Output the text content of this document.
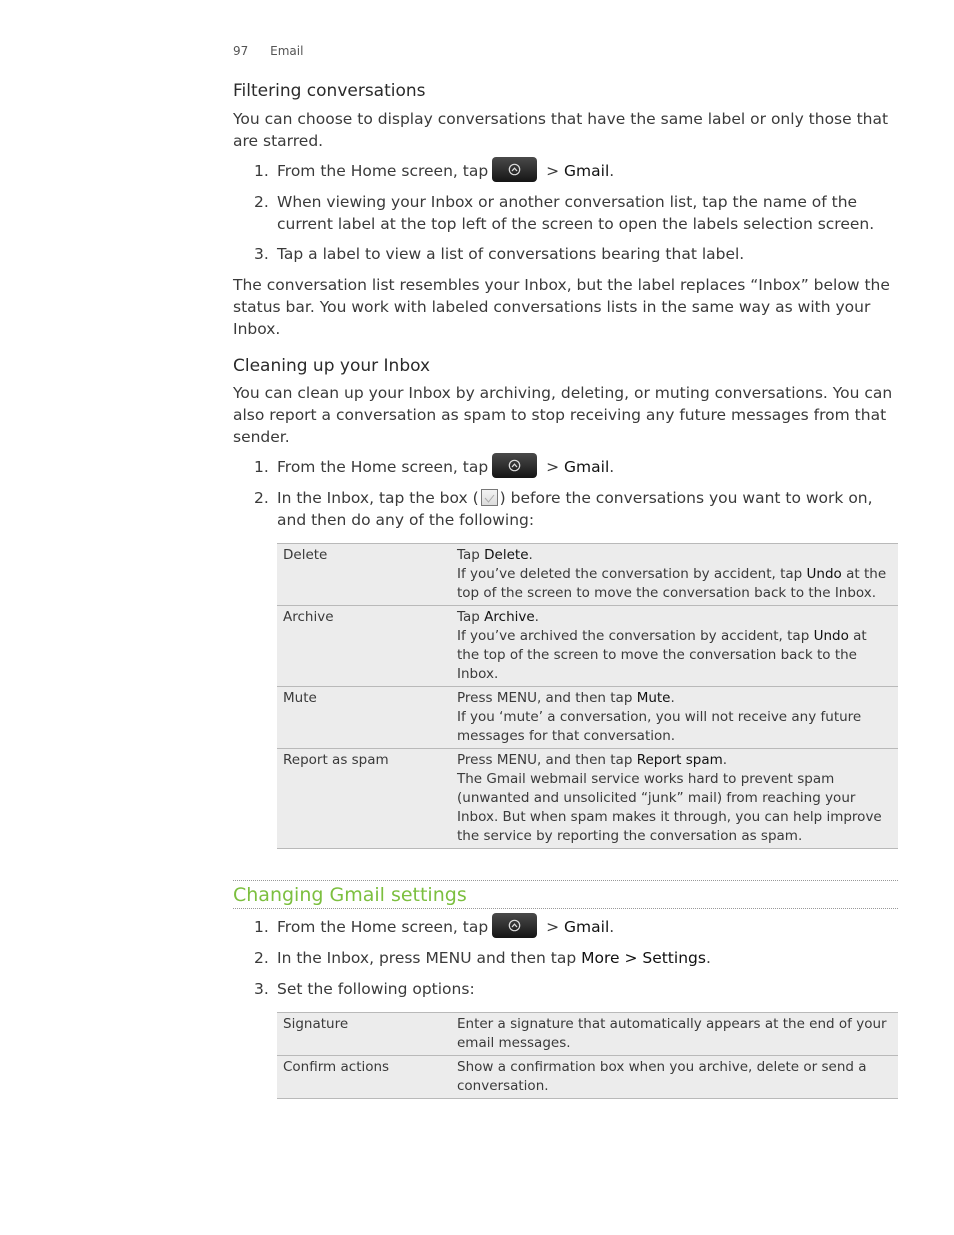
97 Email
Filtering conversations

You can choose to display conversations that have the same label or only those that are starred.

1. From the Home screen, tap	> Gmail.
2. When viewing your Inbox or another conversation list, tap the name of the current label at the top left of the screen to open the labels selection screen.
3. Tap a label to view a list of conversations bearing that label.

The conversation list resembles your Inbox, but the label replaces “Inbox” below the status bar. You work with labeled conversations lists in the same way as with your Inbox.

Cleaning up your Inbox

You can clean up your Inbox by archiving, deleting, or muting conversations. You can also report a conversation as spam to stop receiving any future messages from that sender.

1. From the Home screen, tap	> Gmail.
2. In the Inbox, tap the box ( ) before the conversations you want to work on, and then do any of the following:
Delete	Tap Delete.
If you’ve deleted the conversation by accident, tap Undo at the top of the screen to move the conversation back to the Inbox.
Archive	Tap Archive.
If you’ve archived the conversation by accident, tap Undo at the top of the screen to move the conversation back to the Inbox.
Mute	Press MENU, and then tap Mute.
If you ‘mute’ a conversation, you will not receive any future messages for that conversation.
Report as spam	Press MENU, and then tap Report spam.
The Gmail webmail service works hard to prevent spam (unwanted and unsolicited “junk” mail) from reaching your Inbox. But when spam makes it through, you can help improve the service by reporting the conversation as spam.
Changing Gmail settings
1. From the Home screen, tap	> Gmail.
2. In the Inbox, press MENU and then tap More > Settings.
3. Set the following options:
Signature	Enter a signature that automatically appears at the end of your email messages.
Confirm actions	Show a confirmation box when you archive, delete or send a conversation.
